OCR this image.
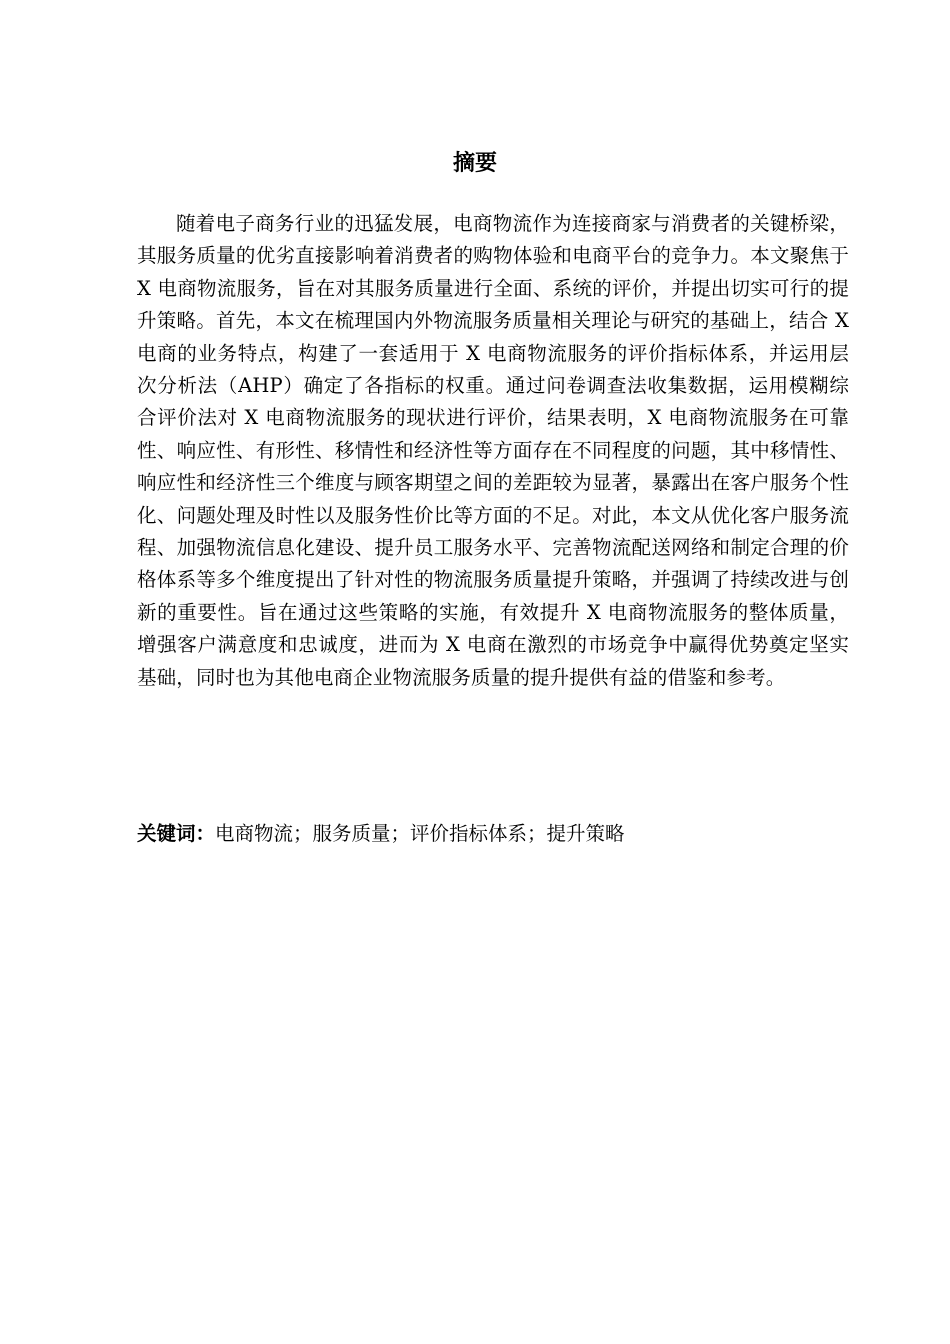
摘要

随着电子商务行业的迅猛发展，电商物流作为连接商家与消费者的关键桥梁，其服务质量的优劣直接影响着消费者的购物体验和电商平台的竞争力。本文聚焦于 X 电商物流服务，旨在对其服务质量进行全面、系统的评价，并提出切实可行的提升策略。首先，本文在梳理国内外物流服务质量相关理论与研究的基础上，结合 X 电商的业务特点，构建了一套适用于 X 电商物流服务的评价指标体系，并运用层次分析法（AHP）确定了各指标的权重。通过问卷调查法收集数据，运用模糊综合评价法对 X 电商物流服务的现状进行评价，结果表明，X 电商物流服务在可靠性、响应性、有形性、移情性和经济性等方面存在不同程度的问题，其中移情性、响应性和经济性三个维度与顾客期望之间的差距较为显著，暴露出在客户服务个性化、问题处理及时性以及服务性价比等方面的不足。对此，本文从优化客户服务流程、加强物流信息化建设、提升员工服务水平、完善物流配送网络和制定合理的价格体系等多个维度提出了针对性的物流服务质量提升策略，并强调了持续改进与创新的重要性。旨在通过这些策略的实施，有效提升 X 电商物流服务的整体质量，增强客户满意度和忠诚度，进而为 X 电商在激烈的市场竞争中赢得优势奠定坚实基础，同时也为其他电商企业物流服务质量的提升提供有益的借鉴和参考。

关键词：电商物流；服务质量；评价指标体系；提升策略
